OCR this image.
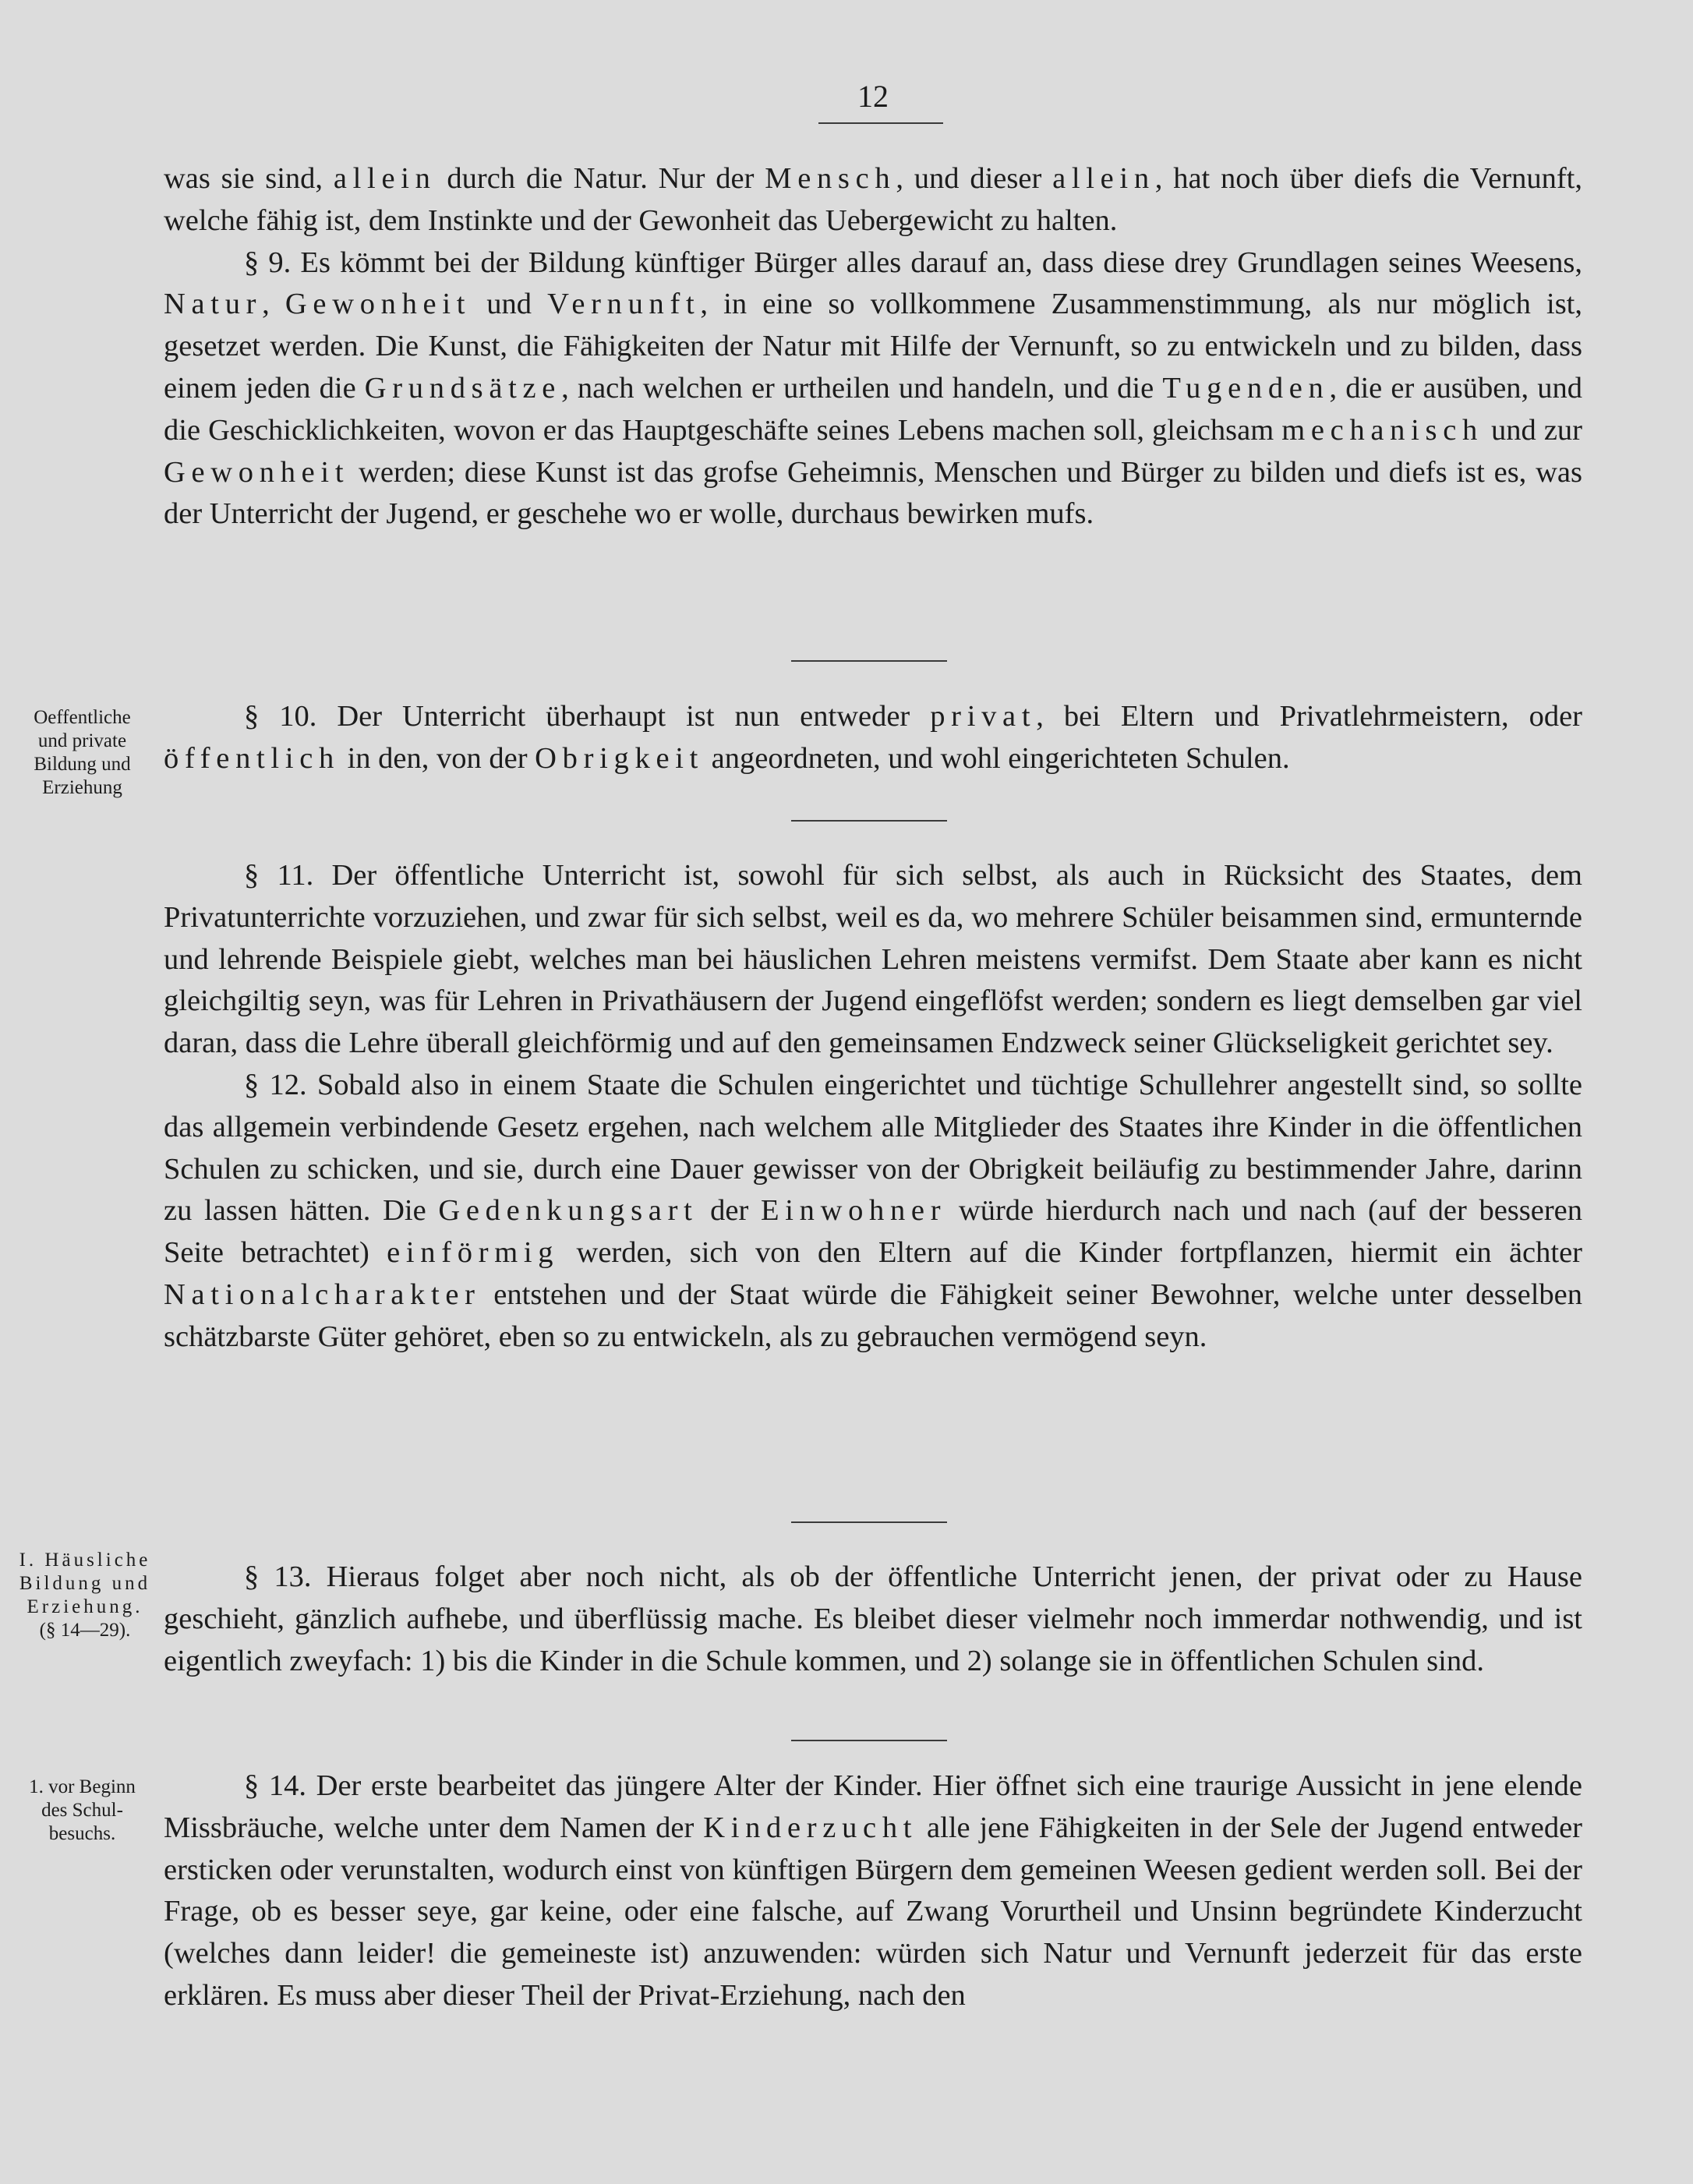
12

was sie sind, allein durch die Natur. Nur der Mensch, und dieser allein, hat noch über diefs die Vernunft, welche fähig ist, dem Instinkte und der Gewonheit das Uebergewicht zu halten.

§ 9. Es kömmt bei der Bildung künftiger Bürger alles darauf an, dass diese drey Grundlagen seines Weesens, Natur, Gewonheit und Vernunft, in eine so vollkommene Zusammenstimmung, als nur möglich ist, gesetzet werden. Die Kunst, die Fähigkeiten der Natur mit Hilfe der Vernunft, so zu entwickeln und zu bilden, dass einem jeden die Grundsätze, nach welchen er urtheilen und handeln, und die Tugenden, die er ausüben, und die Geschicklichkeiten, wovon er das Hauptgeschäfte seines Lebens machen soll, gleichsam mechanisch und zur Gewonheit werden; diese Kunst ist das grofse Geheimnis, Menschen und Bürger zu bilden und diefs ist es, was der Unterricht der Jugend, er geschehe wo er wolle, durchaus bewirken mufs.

Oeffentliche

und private

Bildung und

Erziehung

§ 10. Der Unterricht überhaupt ist nun entweder privat, bei Eltern und Privatlehrmeistern, oder öffentlich in den, von der Obrigkeit angeordneten, und wohl eingerichteten Schulen.

§ 11. Der öffentliche Unterricht ist, sowohl für sich selbst, als auch in Rücksicht des Staates, dem Privatunterrichte vorzuziehen, und zwar für sich selbst, weil es da, wo mehrere Schüler beisammen sind, ermunternde und lehrende Beispiele giebt, welches man bei häuslichen Lehren meistens vermifst. Dem Staate aber kann es nicht gleichgiltig seyn, was für Lehren in Privathäusern der Jugend eingeflöfst werden; sondern es liegt demselben gar viel daran, dass die Lehre überall gleichförmig und auf den gemeinsamen Endzweck seiner Glückseligkeit gerichtet sey.

§ 12. Sobald also in einem Staate die Schulen eingerichtet und tüchtige Schullehrer angestellt sind, so sollte das allgemein verbindende Gesetz ergehen, nach welchem alle Mitglieder des Staates ihre Kinder in die öffentlichen Schulen zu schicken, und sie, durch eine Dauer gewisser von der Obrigkeit beiläufig zu bestimmender Jahre, darinn zu lassen hätten. Die Gedenkungsart der Einwohner würde hierdurch nach und nach (auf der besseren Seite betrachtet) einförmig werden, sich von den Eltern auf die Kinder fortpflanzen, hiermit ein ächter Nationalcharakter entstehen und der Staat würde die Fähigkeit seiner Bewohner, welche unter desselben schätzbarste Güter gehöret, eben so zu entwickeln, als zu gebrauchen vermögend seyn.

I. Häusliche

Bildung und

Erziehung.

(§ 14—29).

§ 13. Hieraus folget aber noch nicht, als ob der öffentliche Unterricht jenen, der privat oder zu Hause geschieht, gänzlich aufhebe, und überflüssig mache. Es bleibet dieser vielmehr noch immerdar nothwendig, und ist eigentlich zweyfach: 1) bis die Kinder in die Schule kommen, und 2) solange sie in öffentlichen Schulen sind.

1. vor Beginn

des Schul-

besuchs.

§ 14. Der erste bearbeitet das jüngere Alter der Kinder. Hier öffnet sich eine traurige Aussicht in jene elende Missbräuche, welche unter dem Namen der Kinderzucht alle jene Fähigkeiten in der Sele der Jugend entweder ersticken oder verunstalten, wodurch einst von künftigen Bürgern dem gemeinen Weesen gedient werden soll. Bei der Frage, ob es besser seye, gar keine, oder eine falsche, auf Zwang Vorurtheil und Unsinn begründete Kinderzucht (welches dann leider! die gemeineste ist) anzuwenden: würden sich Natur und Vernunft jederzeit für das erste erklären. Es muss aber dieser Theil der Privat-Erziehung, nach den
